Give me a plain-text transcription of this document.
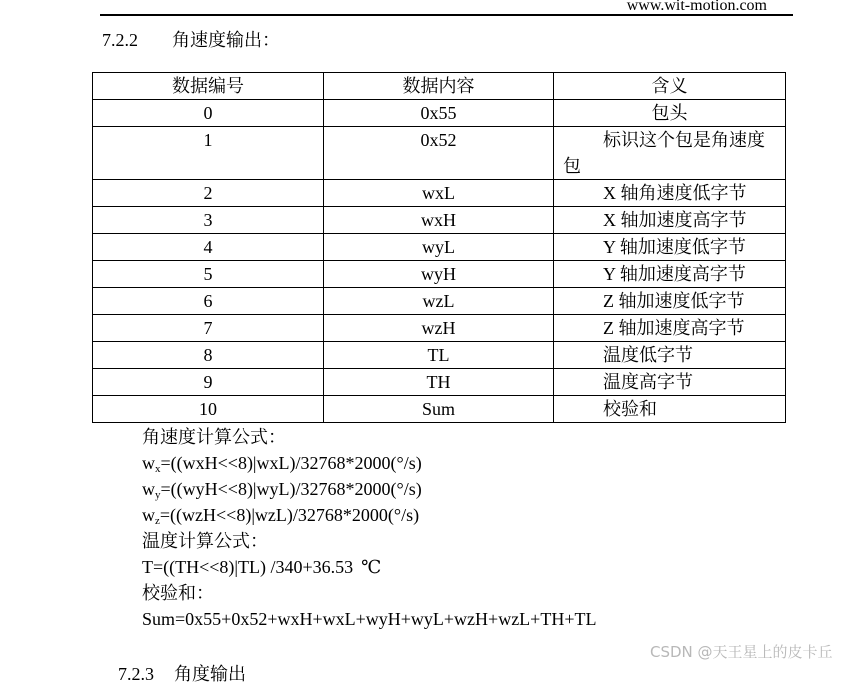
www.wit-motion.com
7.2.2 角速度输出：
数据编号	数据内容	含义
0	0x55	包头
1	0x52	标识这个包是角速度包
2	wxL	X 轴角速度低字节
3	wxH	X 轴加速度高字节
4	wyL	Y 轴加速度低字节
5	wyH	Y 轴加速度高字节
6	wzL	Z 轴加速度低字节
7	wzH	Z 轴加速度高字节
8	TL	温度低字节
9	TH	温度高字节
10	Sum	校验和
角速度计算公式：
$w_x=((wxH<<8)|wxL)/32768*2000(^\circ/s)$
$w_y=((wyH<<8)|wyL)/32768*2000(^\circ/s)$
$w_z=((wzH<<8)|wzL)/32768*2000(^\circ/s)$
温度计算公式：
T=((TH<<8)|TL) /340+36.53 ℃
校验和：
Sum=0x55+0x52+wxH+wxL+wyH+wyL+wzH+wzL+TH+TL
7.2.3 角度输出
CSDN @天王星上的皮卡丘
